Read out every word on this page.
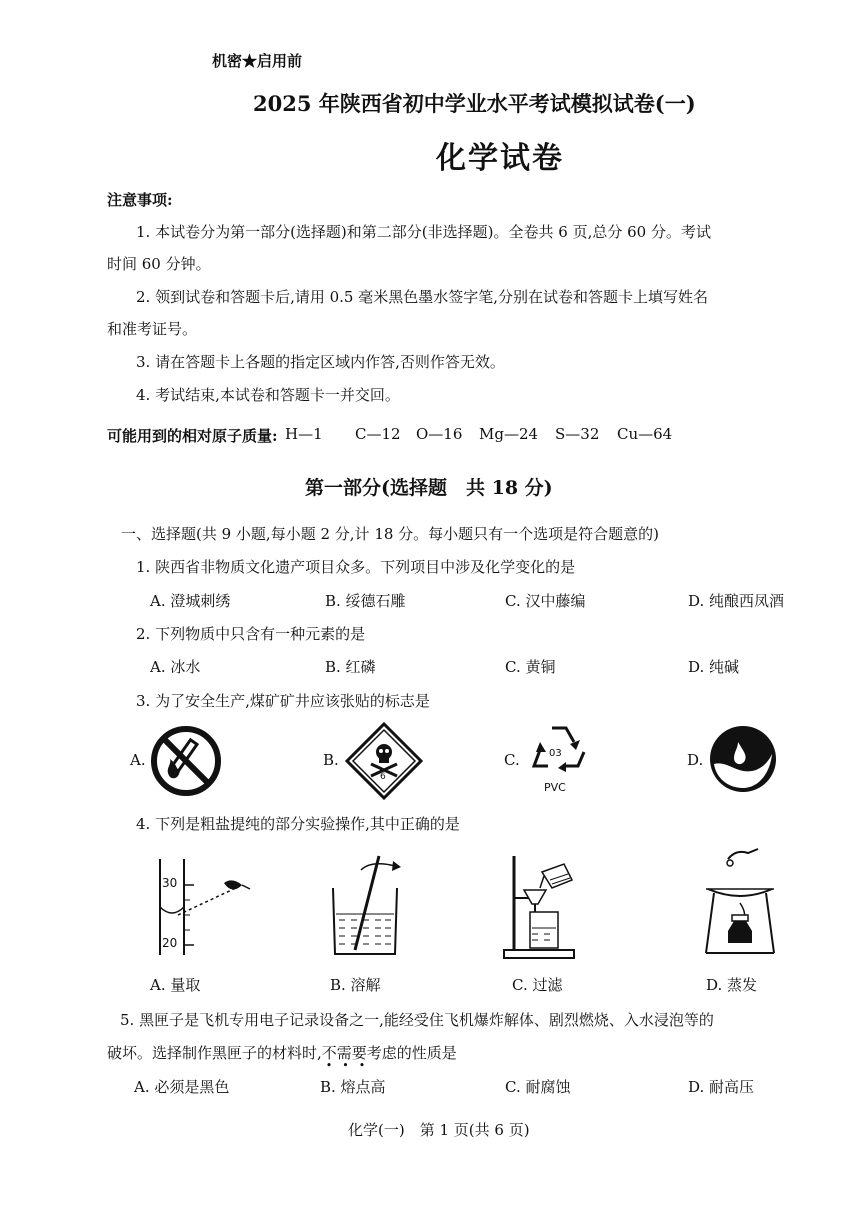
机密★启用前
2025 年陕西省初中学业水平考试模拟试卷(一)
化学试卷
注意事项:
1. 本试卷分为第一部分(选择题)和第二部分(非选择题)。全卷共 6 页,总分 60 分。考试
时间 60 分钟。
2. 领到试卷和答题卡后,请用 0.5 毫米黑色墨水签字笔,分别在试卷和答题卡上填写姓名
和准考证号。
3. 请在答题卡上各题的指定区域内作答,否则作答无效。
4. 考试结束,本试卷和答题卡一并交回。
可能用到的相对原子质量: H—1 C—12 O—16 Mg—24 S—32 Cu—64
第一部分(选择题　共 18 分)
一、选择题(共 9 小题,每小题 2 分,计 18 分。每小题只有一个选项是符合题意的)
1. 陕西省非物质文化遗产项目众多。下列项目中涉及化学变化的是
A. 澄城刺绣	B. 绥德石雕	C. 汉中藤编	D. 纯酿西凤酒
2. 下列物质中只含有一种元素的是
A. 冰水	B. 红磷	C. 黄铜	D. 纯碱
3. 为了安全生产,煤矿矿井应该张贴的标志是
A.	B.	C.	D.
6
03
PVC
4. 下列是粗盐提纯的部分实验操作,其中正确的是
30
20
A. 量取	B. 溶解	C. 过滤	D. 蒸发
5. 黑匣子是飞机专用电子记录设备之一,能经受住飞机爆炸解体、剧烈燃烧、入水浸泡等的
破坏。选择制作黑匣子的材料时,不需要
•••
考虑的性质是
A. 必须是黑色	B. 熔点高	C. 耐腐蚀	D. 耐高压
化学(一)　第 1 页(共 6 页)
